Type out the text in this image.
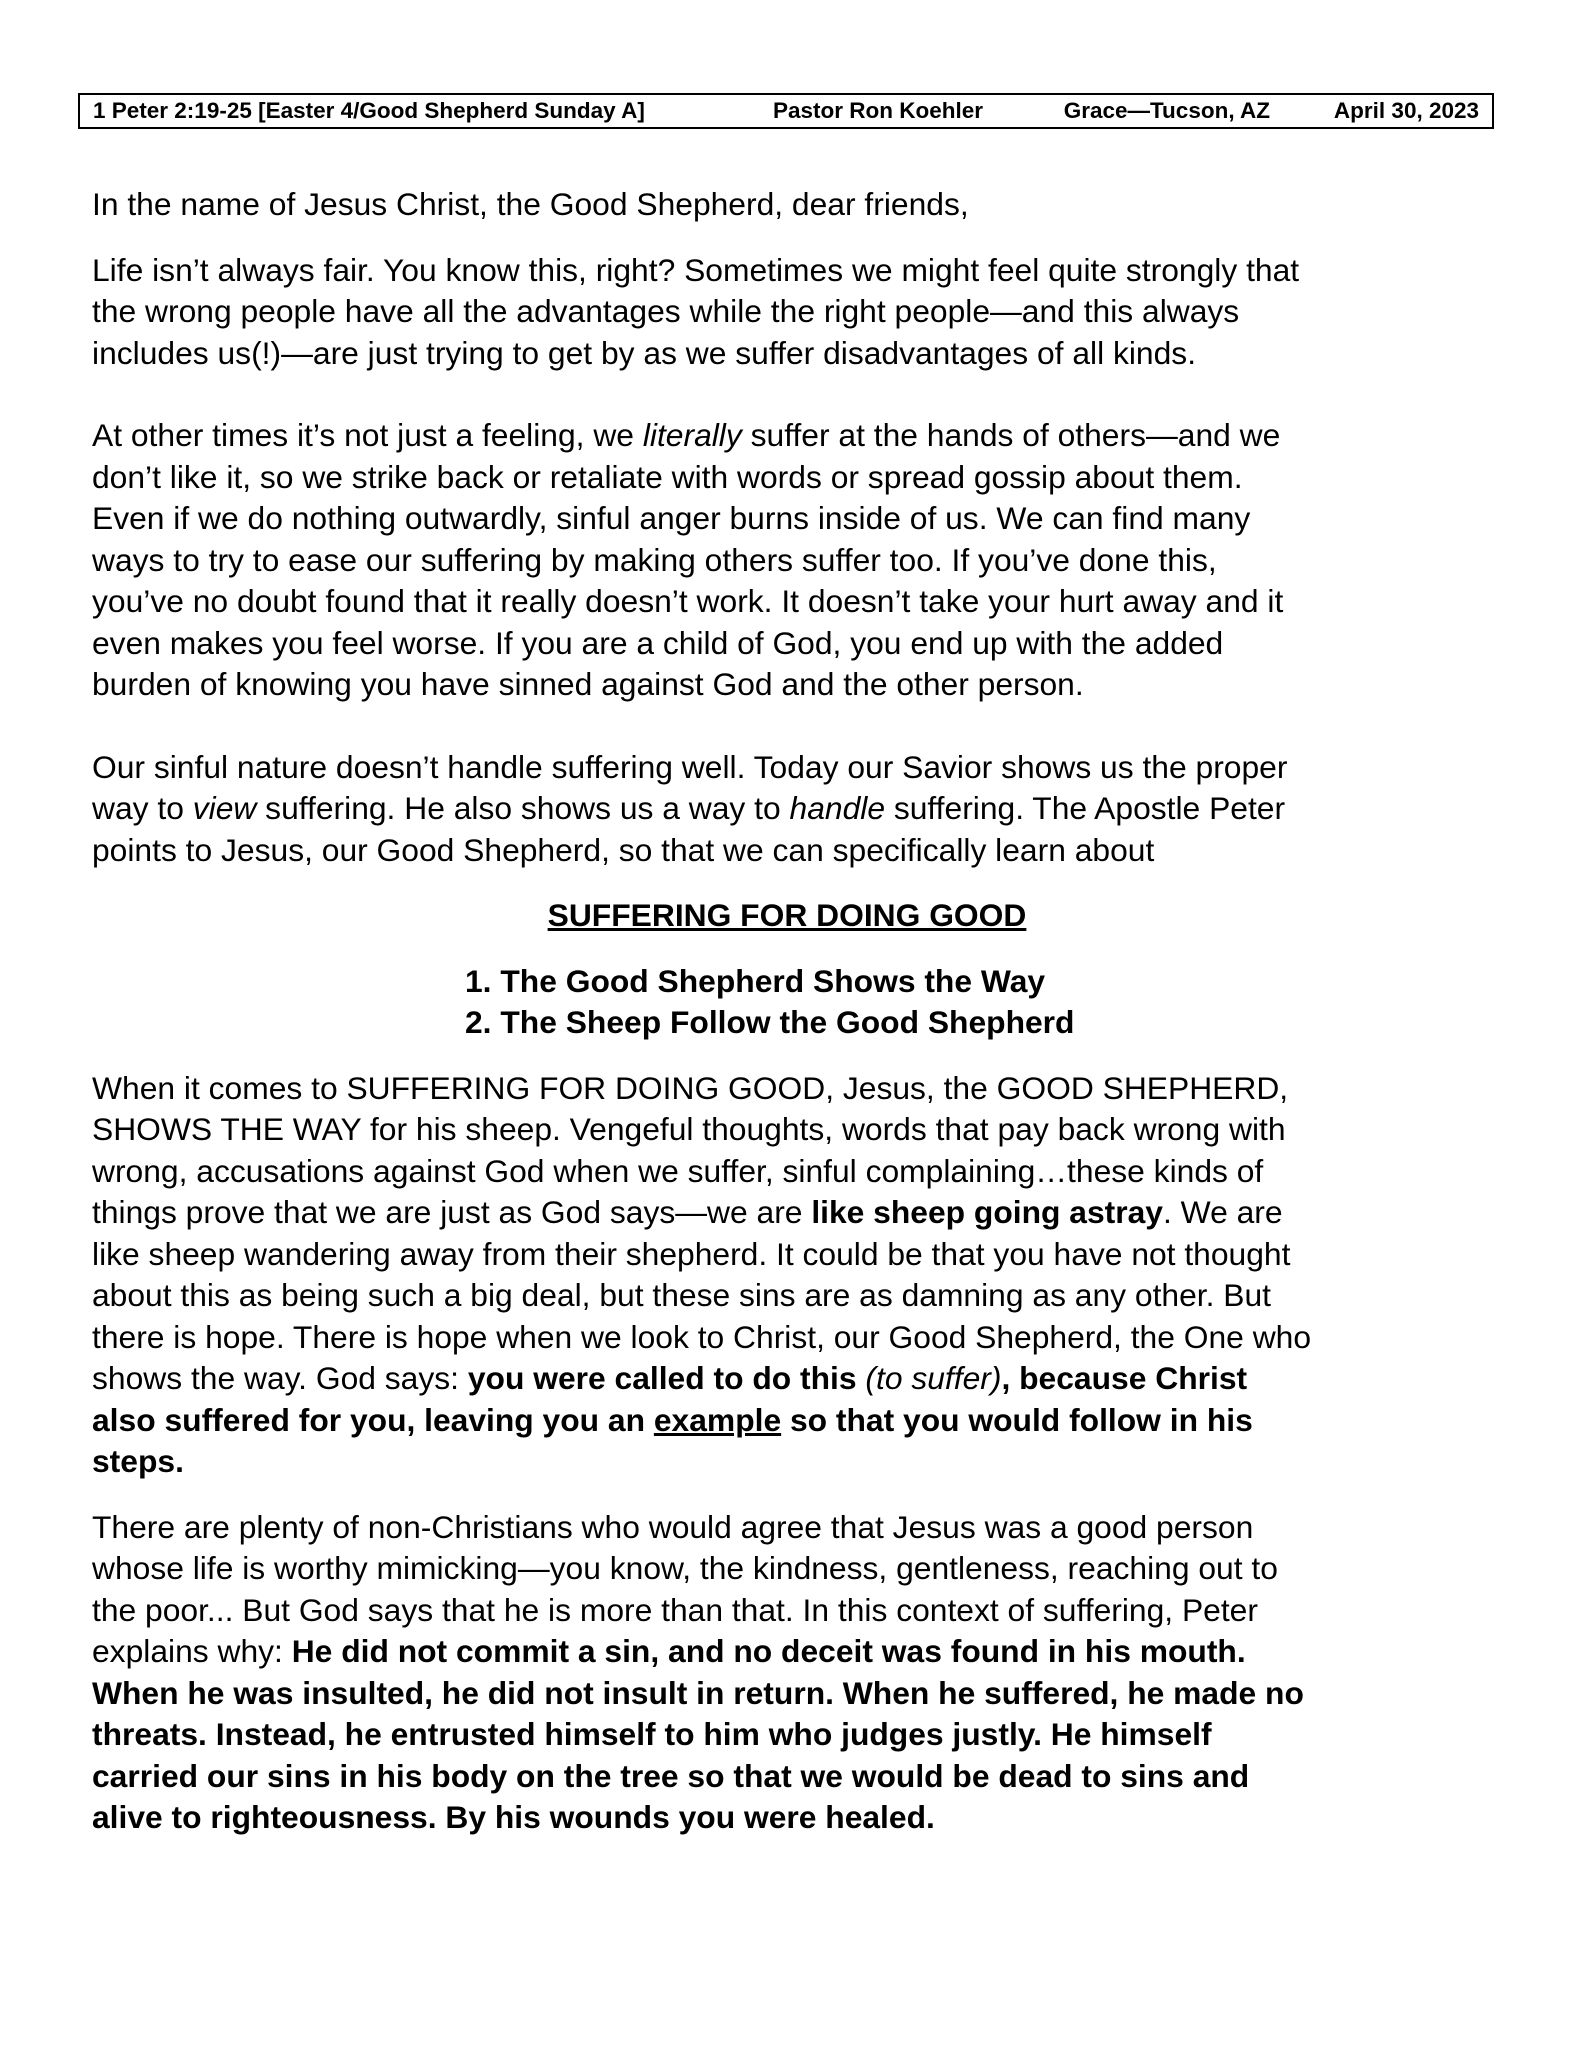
1 Peter 2:19-25 [Easter 4/Good Shepherd Sunday A]	Pastor Ron Koehler	Grace—Tucson, AZ	April 30, 2023

In the name of Jesus Christ, the Good Shepherd, dear friends,

Life isn’t always fair. You know this, right? Sometimes we might feel quite strongly that
the wrong people have all the advantages while the right people—and this always
includes us(!)—are just trying to get by as we suffer disadvantages of all kinds.

At other times it’s not just a feeling, we literally suffer at the hands of others—and we
don’t like it, so we strike back or retaliate with words or spread gossip about them.
Even if we do nothing outwardly, sinful anger burns inside of us. We can find many
ways to try to ease our suffering by making others suffer too. If you’ve done this,
you’ve no doubt found that it really doesn’t work. It doesn’t take your hurt away and it
even makes you feel worse. If you are a child of God, you end up with the added
burden of knowing you have sinned against God and the other person.

Our sinful nature doesn’t handle suffering well. Today our Savior shows us the proper
way to view suffering. He also shows us a way to handle suffering. The Apostle Peter
points to Jesus, our Good Shepherd, so that we can specifically learn about

SUFFERING FOR DOING GOOD

1. The Good Shepherd Shows the Way
2. The Sheep Follow the Good Shepherd

When it comes to SUFFERING FOR DOING GOOD, Jesus, the GOOD SHEPHERD,
SHOWS THE WAY for his sheep. Vengeful thoughts, words that pay back wrong with
wrong, accusations against God when we suffer, sinful complaining…these kinds of
things prove that we are just as God says—we are like sheep going astray. We are
like sheep wandering away from their shepherd. It could be that you have not thought
about this as being such a big deal, but these sins are as damning as any other. But
there is hope. There is hope when we look to Christ, our Good Shepherd, the One who
shows the way. God says: you were called to do this (to suffer), because Christ
also suffered for you, leaving you an example so that you would follow in his
steps.

There are plenty of non-Christians who would agree that Jesus was a good person
whose life is worthy mimicking—you know, the kindness, gentleness, reaching out to
the poor... But God says that he is more than that. In this context of suffering, Peter
explains why: He did not commit a sin, and no deceit was found in his mouth.
When he was insulted, he did not insult in return. When he suffered, he made no
threats. Instead, he entrusted himself to him who judges justly. He himself
carried our sins in his body on the tree so that we would be dead to sins and
alive to righteousness. By his wounds you were healed.
